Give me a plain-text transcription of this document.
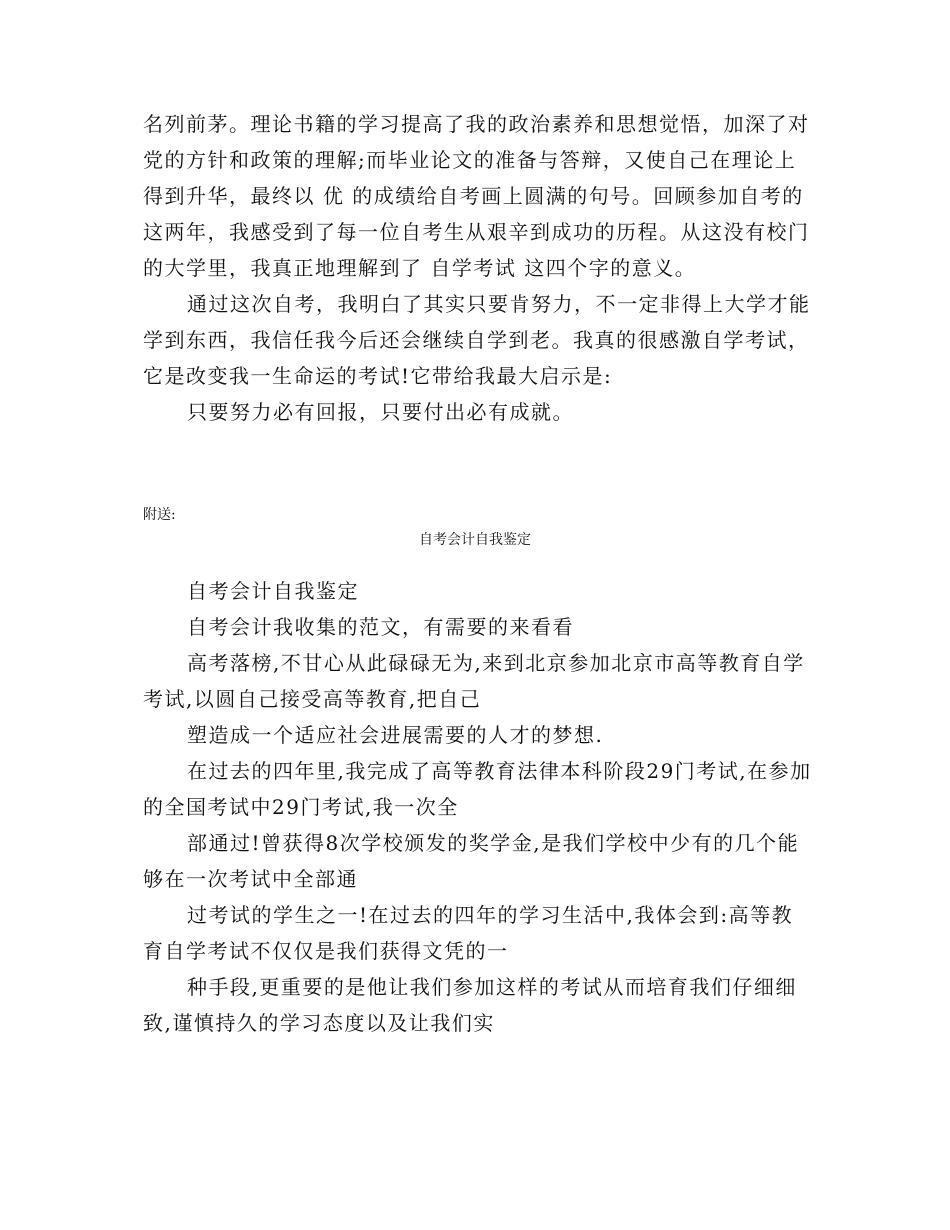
名列前茅。理论书籍的学习提高了我的政治素养和思想觉悟，加深了对党的方针和政策的理解;而毕业论文的准备与答辩，又使自己在理论上得到升华，最终以 优 的成绩给自考画上圆满的句号。回顾参加自考的这两年，我感受到了每一位自考生从艰辛到成功的历程。从这没有校门的大学里，我真正地理解到了 自学考试 这四个字的意义。

通过这次自考，我明白了其实只要肯努力，不一定非得上大学才能学到东西，我信任我今后还会继续自学到老。我真的很感激自学考试，它是改变我一生命运的考试!它带给我最大启示是:

只要努力必有回报，只要付出必有成就。

附送:

自考会计自我鉴定

自考会计自我鉴定

自考会计我收集的范文，有需要的来看看

高考落榜,不甘心从此碌碌无为,来到北京参加北京市高等教育自学考试,以圆自己接受高等教育,把自己

塑造成一个适应社会进展需要的人才的梦想.

在过去的四年里,我完成了高等教育法律本科阶段29门考试,在参加的全国考试中29门考试,我一次全

部通过!曾获得8次学校颁发的奖学金,是我们学校中少有的几个能够在一次考试中全部通

过考试的学生之一!在过去的四年的学习生活中,我体会到:高等教育自学考试不仅仅是我们获得文凭的一

种手段,更重要的是他让我们参加这样的考试从而培育我们仔细细致,谨慎持久的学习态度以及让我们实
